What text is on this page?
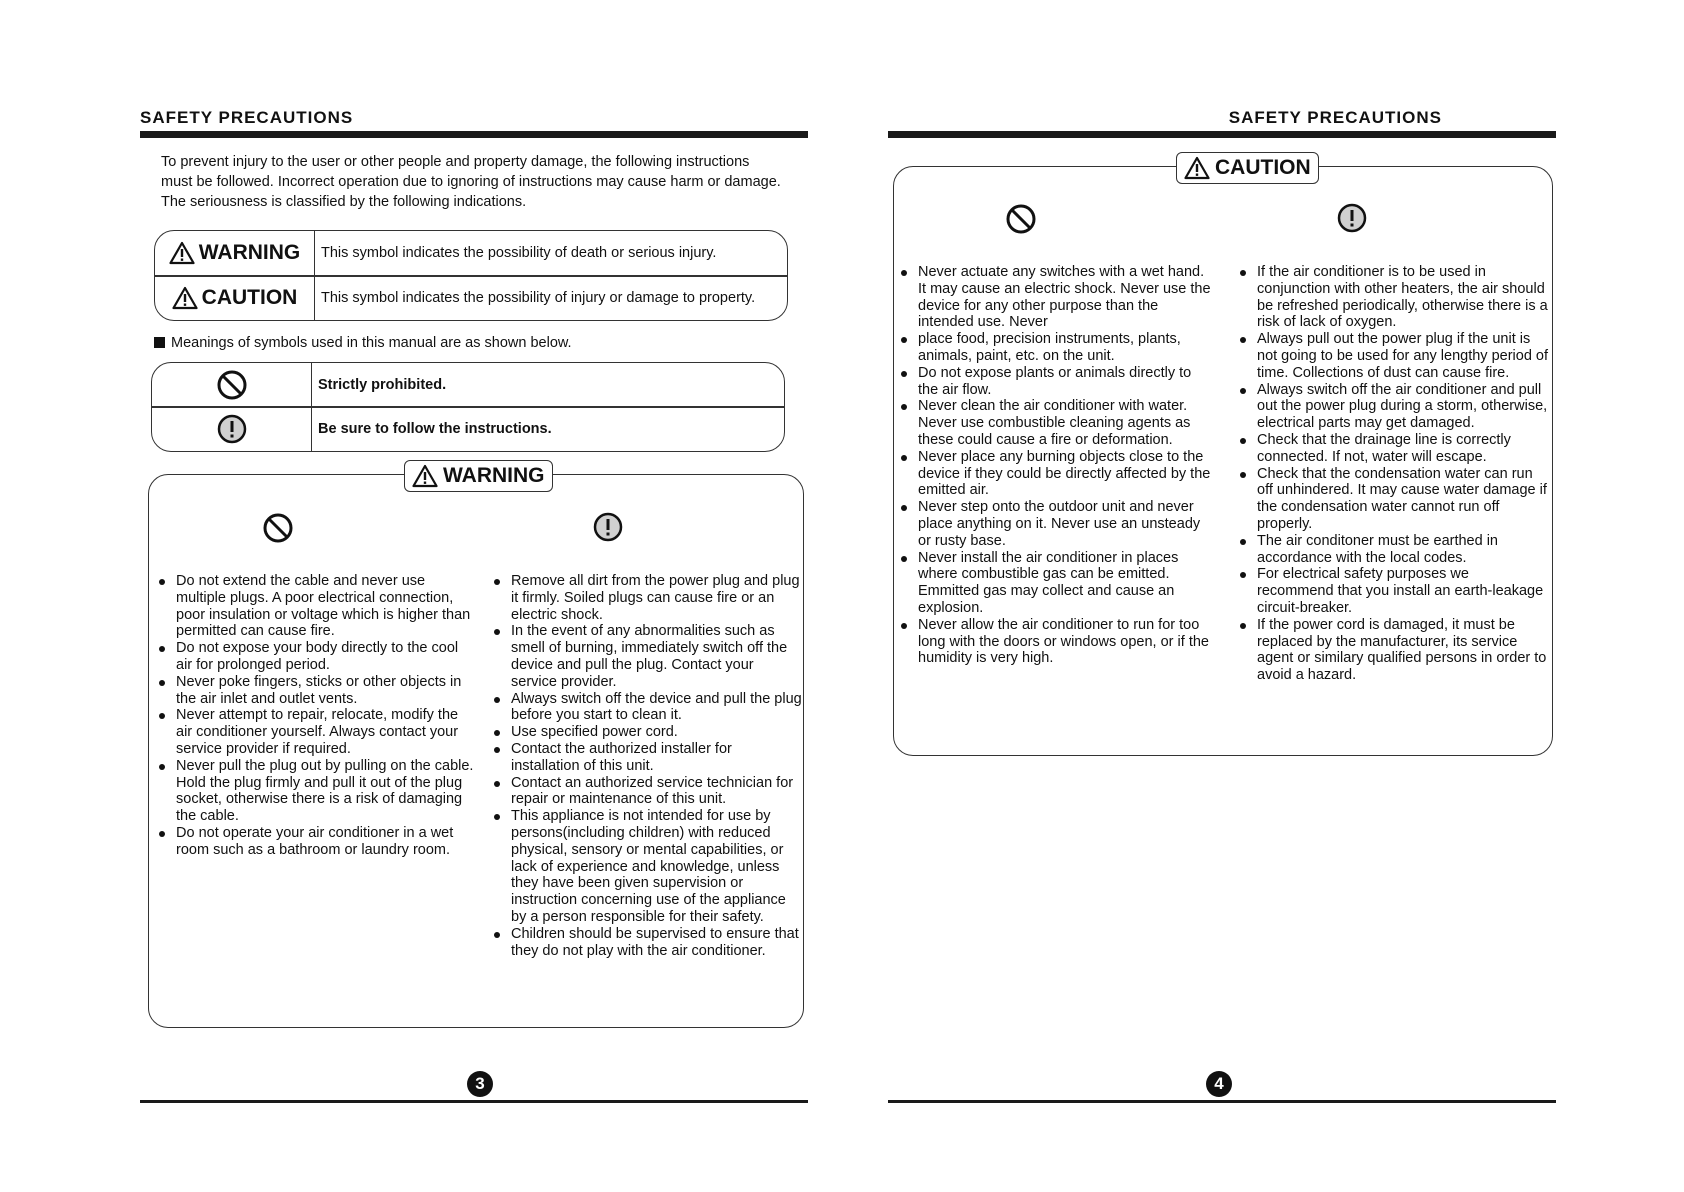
SAFETY PRECAUTIONS
To prevent injury to the user or other people and property damage, the following instructions
must be followed. Incorrect operation due to ignoring of instructions may cause harm or damage.
The seriousness is classified by the following indications.
WARNING	This symbol indicates the possibility of death or serious injury.
CAUTION	This symbol indicates the possibility of injury or damage to property.
Meanings of symbols used in this manual are as shown below.
Strictly prohibited.
Be sure to follow the instructions.
WARNING
Do not extend the cable and never use multiple plugs. A poor electrical connection, poor insulation or voltage which is higher than permitted can cause fire.
Do not expose your body directly to the cool air for prolonged period.
Never poke fingers, sticks or other objects in the air inlet and outlet vents.
Never attempt to repair, relocate, modify the air conditioner yourself. Always contact your service provider if required.
Never pull the plug out by pulling on the cable. Hold the plug firmly and pull it out of the plug socket, otherwise there is a risk of damaging the cable.
Do not operate your air conditioner in a wet room such as a bathroom or laundry room.
Remove all dirt from the power plug and plug it firmly. Soiled plugs can cause fire or an electric shock.
In the event of any abnormalities such as smell of burning, immediately switch off the device and pull the plug. Contact your service provider.
Always switch off the device and pull the plug before you start to clean it.
Use specified power cord.
Contact the authorized installer for installation of this unit.
Contact an authorized service technician for repair or maintenance of this unit.
This appliance is not intended for use by persons(including children) with reduced physical, sensory or mental capabilities, or lack of experience and knowledge, unless they have been given supervision or instruction concerning use of the appliance by a person responsible for their safety.
Children should be supervised to ensure that they do not play with the air conditioner.
3
SAFETY PRECAUTIONS
CAUTION
Never actuate any switches with a wet hand. It may cause an electric shock. Never use the device for any other purpose than the intended use. Never
place food, precision instruments, plants, animals, paint, etc. on the unit.
Do not expose plants or animals directly to the air flow.
Never clean the air conditioner with water. Never use combustible cleaning agents as these could cause a fire or deformation.
Never place any burning objects close to the device if they could be directly affected by the emitted air.
Never step onto the outdoor unit and never place anything on it. Never use an unsteady or rusty base.
Never install the air conditioner in places where combustible gas can be emitted. Emmitted gas may collect and cause an explosion.
Never allow the air conditioner to run for too long with the doors or windows open, or if the humidity is very high.
If the air conditioner is to be used in conjunction with other heaters, the air should be refreshed periodically, otherwise there is a risk of lack of oxygen.
Always pull out the power plug if the unit is not going to be used for any lengthy period of time. Collections of dust can cause fire.
Always switch off the air conditioner and pull out the power plug during a storm, otherwise, electrical parts may get damaged.
Check that the drainage line is correctly connected. If not, water will escape.
Check that the condensation water can run off unhindered. It may cause water damage if the condensation water cannot run off properly.
The air conditoner must be earthed in accordance with the local codes.
For electrical safety purposes we recommend that you install an earth-leakage circuit-breaker.
If the power cord is damaged, it must be replaced by the manufacturer, its service agent or similary qualified persons in order to avoid a hazard.
4
